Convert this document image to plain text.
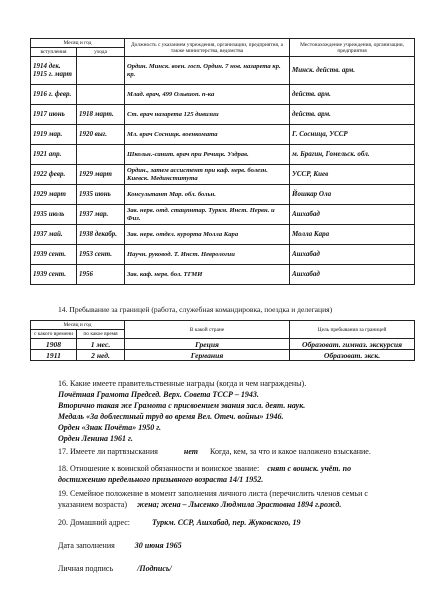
Месяц и год		Должность с указанием учреждения, организации, предприятия, а также министерства, ведомства	Местонахождение учреждения, организации, предприятия
вступления	ухода		
1914 дек. 1915 г. март		Ордин. Минск. воен. госп. Ордин. 7 нов. назарета кр. кр.	Минск. действ. арм.
1916 г. февр.		Млад. врач, 499 Ольвиоп. п-ка	действ. арм.
1917 июнь	1918 март.	Ст. врач назарета 125 дивизии	действ. арм.
1919 мар.	1920 выг.	Мл. врач Сосницк. военкомата	Г. Сосница, УССР
1921 апр.		Школьн.-санит. врач при Речицк. Уздрав.	м. Брагин, Гомельск. обл.
1922 февр.	1929 март	Ордин., затем ассистент при каф. нерв. болезн. Киевск. Мединститута	УССР, Киев
1929 март	1935 июнь	Консультант Мар. обл. больн.	Йошкар Ола
1935 июль	1937 мар.	Зав. нерв. отд. стацпнтар. Туркм. Инст. Нервн. и Физ.	Ашхабад
1937 май.	1938 декабр.	Зав. нерв. отдел. курорта Молла Кара	Молла Кара
1939 сент.	1953 сент.	Научн. руковод. Т. Инст. Неврологии	Ашхабад
1939 сент.	1956	Зав. каф. нерв. бол. ТГМИ	Ашхабад
14. Пребывание за границей (работа, служебная командировка, поездка и делегация)
Месяц и год		В какой стране	Цель пребывания за границей
с какого времени	по какое время		
1908	1 мес.	Греция	Образоват. гимназ. экскурсия
1911	2 нед.	Германия	Образоват. экск.
16. Какие имеете правительственные награды (когда и чем награждены).
Почётная Грамота Председ. Верх. Совета ТССР – 1943.
Вторично такая же Грамота с присвоением звания засл. деят. наук.
Медаль «За доблестный труд во время Вел. Отеч. войны» 1946.
Орден «Знак Почёта» 1950 г.
Орден Ленина 1961 г.
17. Имеете ли партвзыскания	нет Когда, кем, за что и какое наложено взыскание.
18. Отношение к воинской обязанности и воинское звание: снят с воинск. учёт. по
достижению предельного призывного возраста 14/1 1952.
19. Семейное положение в момент заполнения личного листа (перечислить членов семьи с
указанием возраста) жена; жена – Лысенко Людмила Эрастовна 1894 г.рожд.
20. Домашний адрес:	Туркм. ССР, Ашхабад, пер. Жуковского, 19
Дата заполнения	30 июня 1965
Личная подпись	/Подпись/
